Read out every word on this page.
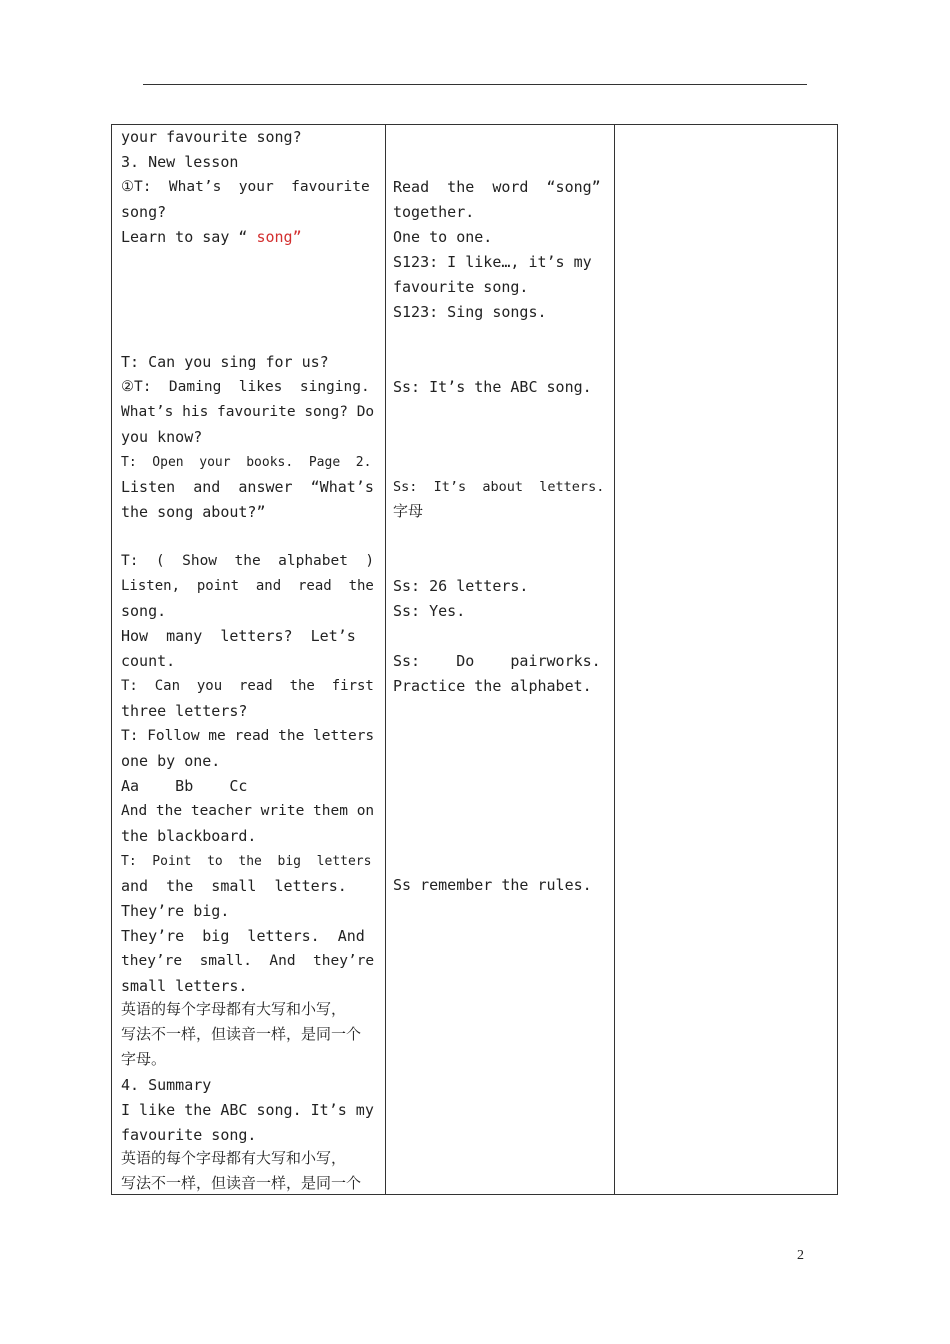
your favourite song?
3. New lesson
①T:  What’s  your  favourite
song?
Learn to say “ song”
T: Can you sing for us?
②T:  Daming  likes  singing.
What’s his favourite song? Do
you know?
T:  Open  your  books.  Page  2.
Listen  and  answer  “What’s
the song about?”
T:  (  Show  the  alphabet  )
Listen,  point  and  read  the
song.
How  many  letters?  Let’s
count.
T:  Can  you  read  the  first
three letters?
T: Follow me read the letters
one by one.
Aa    Bb    Cc
And the teacher write them on
the blackboard.
T:  Point  to  the  big  letters
and  the  small  letters.
They’re big.
They’re  big  letters.  And
they’re  small.  And  they’re
small letters.
英语的每个字母都有大写和小写，
写法不一样，但读音一样，是同一个
字母。
4. Summary
I like the ABC song. It’s my
favourite song.
英语的每个字母都有大写和小写，
写法不一样，但读音一样，是同一个
Read  the  word  “song”
together.
One to one.
S123: I like…, it’s my
favourite song.
S123: Sing songs.
Ss: It’s the ABC song.
Ss:  It’s  about  letters.
字母
Ss: 26 letters.
Ss: Yes.
Ss:    Do    pairworks.
Practice the alphabet.
Ss remember the rules.
2
